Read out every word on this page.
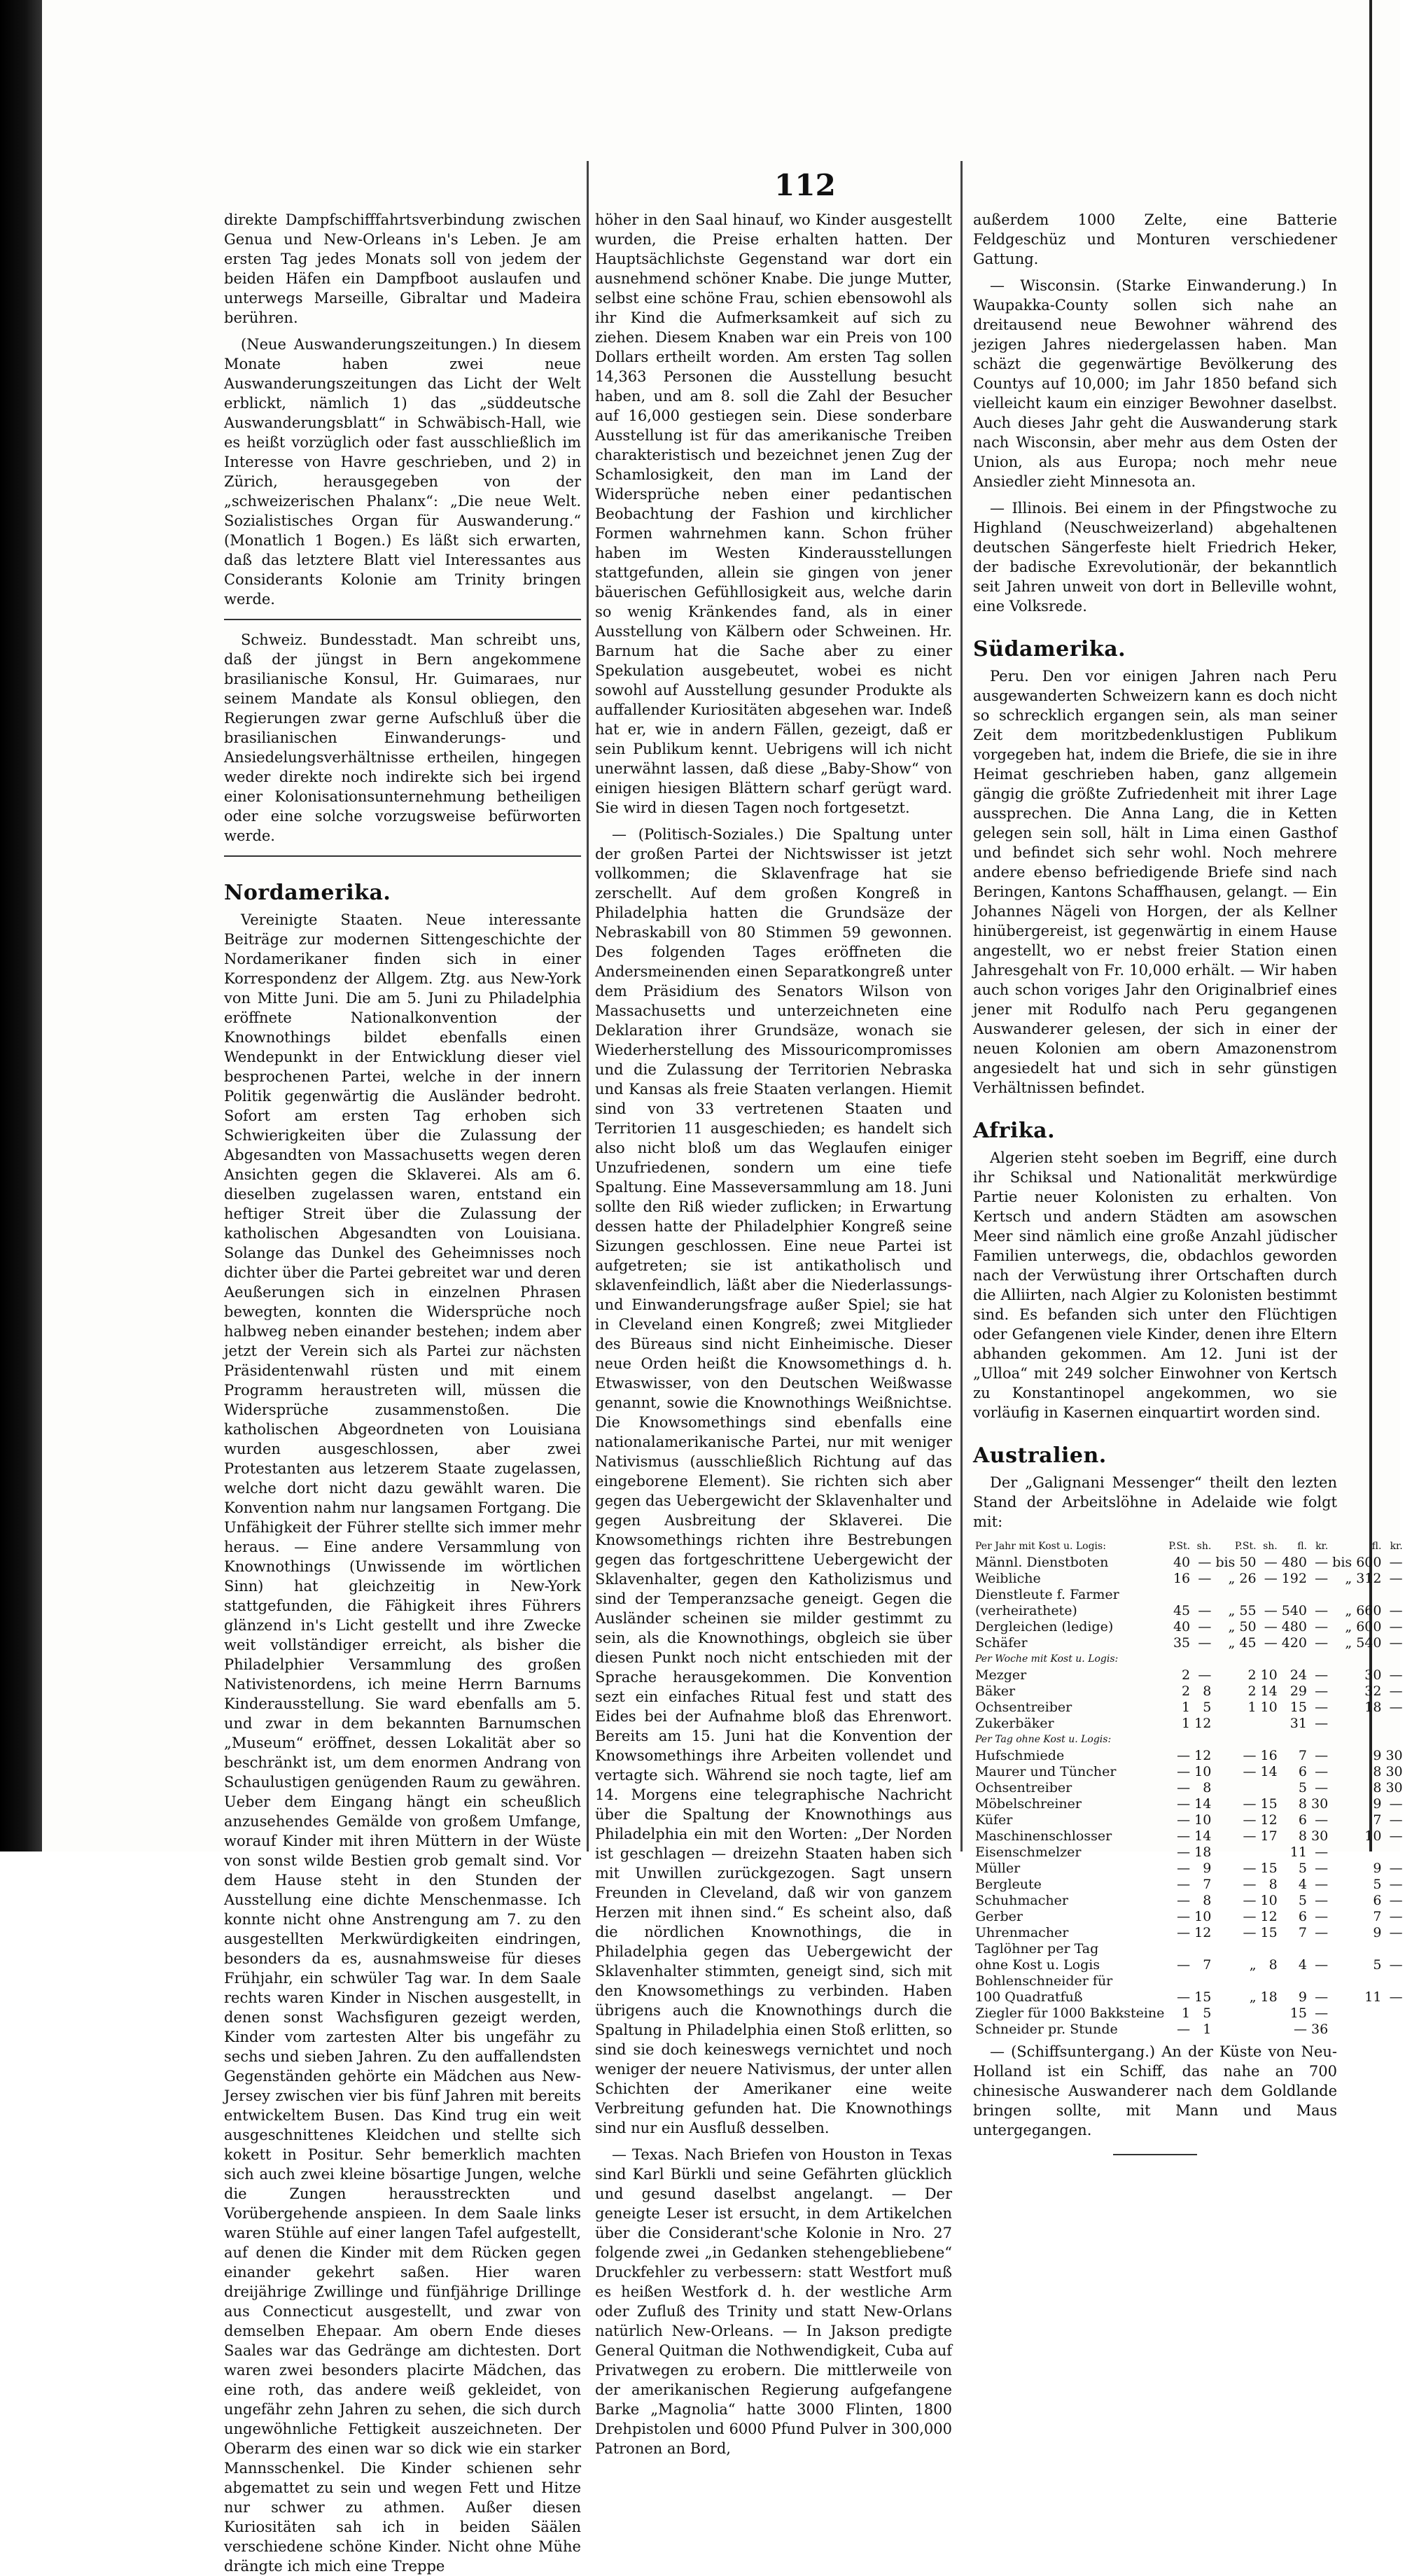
112

direkte Dampfschifffahrtsverbindung zwischen Genua und New-Orleans in's Leben. Je am ersten Tag jedes Monats soll von jedem der beiden Häfen ein Dampfboot auslaufen und unterwegs Marseille, Gibraltar und Madeira berühren.

(Neue Auswanderungszeitungen.) In diesem Monate haben zwei neue Auswanderungszeitungen das Licht der Welt erblickt, nämlich 1) das „süddeutsche Auswanderungsblatt“ in Schwäbisch-Hall, wie es heißt vorzüglich oder fast ausschließlich im Interesse von Havre geschrieben, und 2) in Zürich, herausgegeben von der „schweizerischen Phalanx“: „Die neue Welt. Sozialistisches Organ für Auswanderung.“ (Monatlich 1 Bogen.) Es läßt sich erwarten, daß das letztere Blatt viel Interessantes aus Considerants Kolonie am Trinity bringen werde.

Schweiz. Bundesstadt. Man schreibt uns, daß der jüngst in Bern angekommene brasilianische Konsul, Hr. Guimaraes, nur seinem Mandate als Konsul obliegen, den Regierungen zwar gerne Aufschluß über die brasilianischen Einwanderungs- und Ansiedelungsverhältnisse ertheilen, hingegen weder direkte noch indirekte sich bei irgend einer Kolonisationsunternehmung betheiligen oder eine solche vorzugsweise befürworten werde.

Nordamerika.

Vereinigte Staaten. Neue interessante Beiträge zur modernen Sittengeschichte der Nordamerikaner finden sich in einer Korrespondenz der Allgem. Ztg. aus New-York von Mitte Juni. Die am 5. Juni zu Philadelphia eröffnete Nationalkonvention der Knownothings bildet ebenfalls einen Wendepunkt in der Entwicklung dieser viel besprochenen Partei, welche in der innern Politik gegenwärtig die Ausländer bedroht. Sofort am ersten Tag erhoben sich Schwierigkeiten über die Zulassung der Abgesandten von Massachusetts wegen deren Ansichten gegen die Sklaverei. Als am 6. dieselben zugelassen waren, entstand ein heftiger Streit über die Zulassung der katholischen Abgesandten von Louisiana. Solange das Dunkel des Geheimnisses noch dichter über die Partei gebreitet war und deren Aeußerungen sich in einzelnen Phrasen bewegten, konnten die Widersprüche noch halbweg neben einander bestehen; indem aber jetzt der Verein sich als Partei zur nächsten Präsidentenwahl rüsten und mit einem Programm heraustreten will, müssen die Widersprüche zusammenstoßen. Die katholischen Abgeordneten von Louisiana wurden ausgeschlossen, aber zwei Protestanten aus letzerem Staate zugelassen, welche dort nicht dazu gewählt waren. Die Konvention nahm nur langsamen Fortgang. Die Unfähigkeit der Führer stellte sich immer mehr heraus. — Eine andere Versammlung von Knownothings (Unwissende im wörtlichen Sinn) hat gleichzeitig in New-York stattgefunden, die Fähigkeit ihres Führers glänzend in's Licht gestellt und ihre Zwecke weit vollständiger erreicht, als bisher die Philadelphier Versammlung des großen Nativistenordens, ich meine Herrn Barnums Kinderausstellung. Sie ward ebenfalls am 5. und zwar in dem bekannten Barnumschen „Museum“ eröffnet, dessen Lokalität aber so beschränkt ist, um dem enormen Andrang von Schaulustigen genügenden Raum zu gewähren. Ueber dem Eingang hängt ein scheußlich anzusehendes Gemälde von großem Umfange, worauf Kinder mit ihren Müttern in der Wüste von sonst wilde Bestien grob gemalt sind. Vor dem Hause steht in den Stunden der Ausstellung eine dichte Menschenmasse. Ich konnte nicht ohne Anstrengung am 7. zu den ausgestellten Merkwürdigkeiten eindringen, besonders da es, ausnahmsweise für dieses Frühjahr, ein schwüler Tag war. In dem Saale rechts waren Kinder in Nischen ausgestellt, in denen sonst Wachsfiguren gezeigt werden, Kinder vom zartesten Alter bis ungefähr zu sechs und sieben Jahren. Zu den auffallendsten Gegenständen gehörte ein Mädchen aus New-Jersey zwischen vier bis fünf Jahren mit bereits entwickeltem Busen. Das Kind trug ein weit ausgeschnittenes Kleidchen und stellte sich kokett in Positur. Sehr bemerklich machten sich auch zwei kleine bösartige Jungen, welche die Zungen herausstreckten und Vorübergehende anspieen. In dem Saale links waren Stühle auf einer langen Tafel aufgestellt, auf denen die Kinder mit dem Rücken gegen einander gekehrt saßen. Hier waren dreijährige Zwillinge und fünfjährige Drillinge aus Connecticut ausgestellt, und zwar von demselben Ehepaar. Am obern Ende dieses Saales war das Gedränge am dichtesten. Dort waren zwei besonders placirte Mädchen, das eine roth, das andere weiß gekleidet, von ungefähr zehn Jahren zu sehen, die sich durch ungewöhnliche Fettigkeit auszeichneten. Der Oberarm des einen war so dick wie ein starker Mannsschenkel. Die Kinder schienen sehr abgemattet zu sein und wegen Fett und Hitze nur schwer zu athmen. Außer diesen Kuriositäten sah ich in beiden Säälen verschiedene schöne Kinder. Nicht ohne Mühe drängte ich mich eine Treppe

höher in den Saal hinauf, wo Kinder ausgestellt wurden, die Preise erhalten hatten. Der Hauptsächlichste Gegenstand war dort ein ausnehmend schöner Knabe. Die junge Mutter, selbst eine schöne Frau, schien ebensowohl als ihr Kind die Aufmerksamkeit auf sich zu ziehen. Diesem Knaben war ein Preis von 100 Dollars ertheilt worden. Am ersten Tag sollen 14,363 Personen die Ausstellung besucht haben, und am 8. soll die Zahl der Besucher auf 16,000 gestiegen sein. Diese sonderbare Ausstellung ist für das amerikanische Treiben charakteristisch und bezeichnet jenen Zug der Schamlosigkeit, den man im Land der Widersprüche neben einer pedantischen Beobachtung der Fashion und kirchlicher Formen wahrnehmen kann. Schon früher haben im Westen Kinderausstellungen stattgefunden, allein sie gingen von jener bäuerischen Gefühllosigkeit aus, welche darin so wenig Kränkendes fand, als in einer Ausstellung von Kälbern oder Schweinen. Hr. Barnum hat die Sache aber zu einer Spekulation ausgebeutet, wobei es nicht sowohl auf Ausstellung gesunder Produkte als auffallender Kuriositäten abgesehen war. Indeß hat er, wie in andern Fällen, gezeigt, daß er sein Publikum kennt. Uebrigens will ich nicht unerwähnt lassen, daß diese „Baby-Show“ von einigen hiesigen Blättern scharf gerügt ward. Sie wird in diesen Tagen noch fortgesetzt.

— (Politisch-Soziales.) Die Spaltung unter der großen Partei der Nichtswisser ist jetzt vollkommen; die Sklavenfrage hat sie zerschellt. Auf dem großen Kongreß in Philadelphia hatten die Grundsäze der Nebraskabill von 80 Stimmen 59 gewonnen. Des folgenden Tages eröffneten die Andersmeinenden einen Separatkongreß unter dem Präsidium des Senators Wilson von Massachusetts und unterzeichneten eine Deklaration ihrer Grundsäze, wonach sie Wiederherstellung des Missouricompromisses und die Zulassung der Territorien Nebraska und Kansas als freie Staaten verlangen. Hiemit sind von 33 vertretenen Staaten und Territorien 11 ausgeschieden; es handelt sich also nicht bloß um das Weglaufen einiger Unzufriedenen, sondern um eine tiefe Spaltung. Eine Masseversammlung am 18. Juni sollte den Riß wieder zuflicken; in Erwartung dessen hatte der Philadelphier Kongreß seine Sizungen geschlossen. Eine neue Partei ist aufgetreten; sie ist antikatholisch und sklavenfeindlich, läßt aber die Niederlassungs- und Einwanderungsfrage außer Spiel; sie hat in Cleveland einen Kongreß; zwei Mitglieder des Büreaus sind nicht Einheimische. Dieser neue Orden heißt die Knowsomethings d. h. Etwaswisser, von den Deutschen Weißwasse genannt, sowie die Knownothings Weißnichtse. Die Knowsomethings sind ebenfalls eine nationalamerikanische Partei, nur mit weniger Nativismus (ausschließlich Richtung auf das eingeborene Element). Sie richten sich aber gegen das Uebergewicht der Sklavenhalter und gegen Ausbreitung der Sklaverei. Die Knowsomethings richten ihre Bestrebungen gegen das fortgeschrittene Uebergewicht der Sklavenhalter, gegen den Katholizismus und sind der Temperanzsache geneigt. Gegen die Ausländer scheinen sie milder gestimmt zu sein, als die Knownothings, obgleich sie über diesen Punkt noch nicht entschieden mit der Sprache herausgekommen. Die Konvention sezt ein einfaches Ritual fest und statt des Eides bei der Aufnahme bloß das Ehrenwort. Bereits am 15. Juni hat die Konvention der Knowsomethings ihre Arbeiten vollendet und vertagte sich. Während sie noch tagte, lief am 14. Morgens eine telegraphische Nachricht über die Spaltung der Knownothings aus Philadelphia ein mit den Worten: „Der Norden ist geschlagen — dreizehn Staaten haben sich mit Unwillen zurückgezogen. Sagt unsern Freunden in Cleveland, daß wir von ganzem Herzen mit ihnen sind.“ Es scheint also, daß die nördlichen Knownothings, die in Philadelphia gegen das Uebergewicht der Sklavenhalter stimmten, geneigt sind, sich mit den Knowsomethings zu verbinden. Haben übrigens auch die Knownothings durch die Spaltung in Philadelphia einen Stoß erlitten, so sind sie doch keineswegs vernichtet und noch weniger der neuere Nativismus, der unter allen Schichten der Amerikaner eine weite Verbreitung gefunden hat. Die Knownothings sind nur ein Ausfluß desselben.

— Texas. Nach Briefen von Houston in Texas sind Karl Bürkli und seine Gefährten glücklich und gesund daselbst angelangt. — Der geneigte Leser ist ersucht, in dem Artikelchen über die Considerant'sche Kolonie in Nro. 27 folgende zwei „in Gedanken stehengebliebene“ Druckfehler zu verbessern: statt Westfort muß es heißen Westfork d. h. der westliche Arm oder Zufluß des Trinity und statt New-Orlans natürlich New-Orleans. — In Jakson predigte General Quitman die Nothwendigkeit, Cuba auf Privatwegen zu erobern. Die mittlerweile von der amerikanischen Regierung aufgefangene Barke „Magnolia“ hatte 3000 Flinten, 1800 Drehpistolen und 6000 Pfund Pulver in 300,000 Patronen an Bord,

außerdem 1000 Zelte, eine Batterie Feldgeschüz und Monturen verschiedener Gattung.

— Wisconsin. (Starke Einwanderung.) In Waupakka-County sollen sich nahe an dreitausend neue Bewohner während des jezigen Jahres niedergelassen haben. Man schäzt die gegenwärtige Bevölkerung des Countys auf 10,000; im Jahr 1850 befand sich vielleicht kaum ein einziger Bewohner daselbst. Auch dieses Jahr geht die Auswanderung stark nach Wisconsin, aber mehr aus dem Osten der Union, als aus Europa; noch mehr neue Ansiedler zieht Minnesota an.

— Illinois. Bei einem in der Pfingstwoche zu Highland (Neuschweizerland) abgehaltenen deutschen Sängerfeste hielt Friedrich Heker, der badische Exrevolutionär, der bekanntlich seit Jahren unweit von dort in Belleville wohnt, eine Volksrede.

Südamerika.

Peru. Den vor einigen Jahren nach Peru ausgewanderten Schweizern kann es doch nicht so schrecklich ergangen sein, als man seiner Zeit dem moritzbedenklustigen Publikum vorgegeben hat, indem die Briefe, die sie in ihre Heimat geschrieben haben, ganz allgemein gängig die größte Zufriedenheit mit ihrer Lage aussprechen. Die Anna Lang, die in Ketten gelegen sein soll, hält in Lima einen Gasthof und befindet sich sehr wohl. Noch mehrere andere ebenso befriedigende Briefe sind nach Beringen, Kantons Schaffhausen, gelangt. — Ein Johannes Nägeli von Horgen, der als Kellner hinübergereist, ist gegenwärtig in einem Hause angestellt, wo er nebst freier Station einen Jahresgehalt von Fr. 10,000 erhält. — Wir haben auch schon voriges Jahr den Originalbrief eines jener mit Rodulfo nach Peru gegangenen Auswanderer gelesen, der sich in einer der neuen Kolonien am obern Amazonenstrom angesiedelt hat und sich in sehr günstigen Verhältnissen befindet.

Afrika.

Algerien steht soeben im Begriff, eine durch ihr Schiksal und Nationalität merkwürdige Partie neuer Kolonisten zu erhalten. Von Kertsch und andern Städten am asowschen Meer sind nämlich eine große Anzahl jüdischer Familien unterwegs, die, obdachlos geworden nach der Verwüstung ihrer Ortschaften durch die Alliirten, nach Algier zu Kolonisten bestimmt sind. Es befanden sich unter den Flüchtigen oder Gefangenen viele Kinder, denen ihre Eltern abhanden gekommen. Am 12. Juni ist der „Ulloa“ mit 249 solcher Einwohner von Kertsch zu Konstantinopel angekommen, wo sie vorläufig in Kasernen einquartirt worden sind.

Australien.

Der „Galignani Messenger“ theilt den lezten Stand der Arbeitslöhne in Adelaide wie folgt mit:

Per Jahr mit Kost u. Logis:	P.St.	sh.	P.St.	sh.	fl.	kr.	fl.	kr.
Männl. Dienstboten	40	—	bis 50	—	480	—	bis 600	—
Weibliche	16	—	„ 26	—	192	—	„ 312	—
Dienstleute f. Farmer								
(verheirathete)	45	—	„ 55	—	540	—	„ 660	—
Dergleichen (ledige)	40	—	„ 50	—	480	—	„ 600	—
Schäfer	35	—	„ 45	—	420	—	„ 540	—
Per Woche mit Kost u. Logis:								
Mezger	2	—	2	10	24	—	30	—
Bäker	2	8	2	14	29	—	32	—
Ochsentreiber	1	5	1	10	15	—	18	—
Zukerbäker	1	12			31	—		
Per Tag ohne Kost u. Logis:								
Hufschmiede	—	12	—	16	7	—	9	30
Maurer und Tüncher	—	10	—	14	6	—	8	30
Ochsentreiber	—	8			5	—	8	30
Möbelschreiner	—	14	—	15	8	30	9	—
Küfer	—	10	—	12	6	—	7	—
Maschinenschlosser	—	14	—	17	8	30	10	—
Eisenschmelzer	—	18			11	—		
Müller	—	9	—	15	5	—	9	—
Bergleute	—	7	—	8	4	—	5	—
Schuhmacher	—	8	—	10	5	—	6	—
Gerber	—	10	—	12	6	—	7	—
Uhrenmacher	—	12	—	15	7	—	9	—
Taglöhner per Tag								
ohne Kost u. Logis	—	7	„	8	4	—	5	—
Bohlenschneider für								
100 Quadratfuß	—	15	„	18	9	—	11	—
Ziegler für 1000 Bakksteine	1	5			15	—		
Schneider pr. Stunde	—	1			—	36		

— (Schiffsuntergang.) An der Küste von Neu-Holland ist ein Schiff, das nahe an 700 chinesische Auswanderer nach dem Goldlande bringen sollte, mit Mann und Maus untergegangen.
